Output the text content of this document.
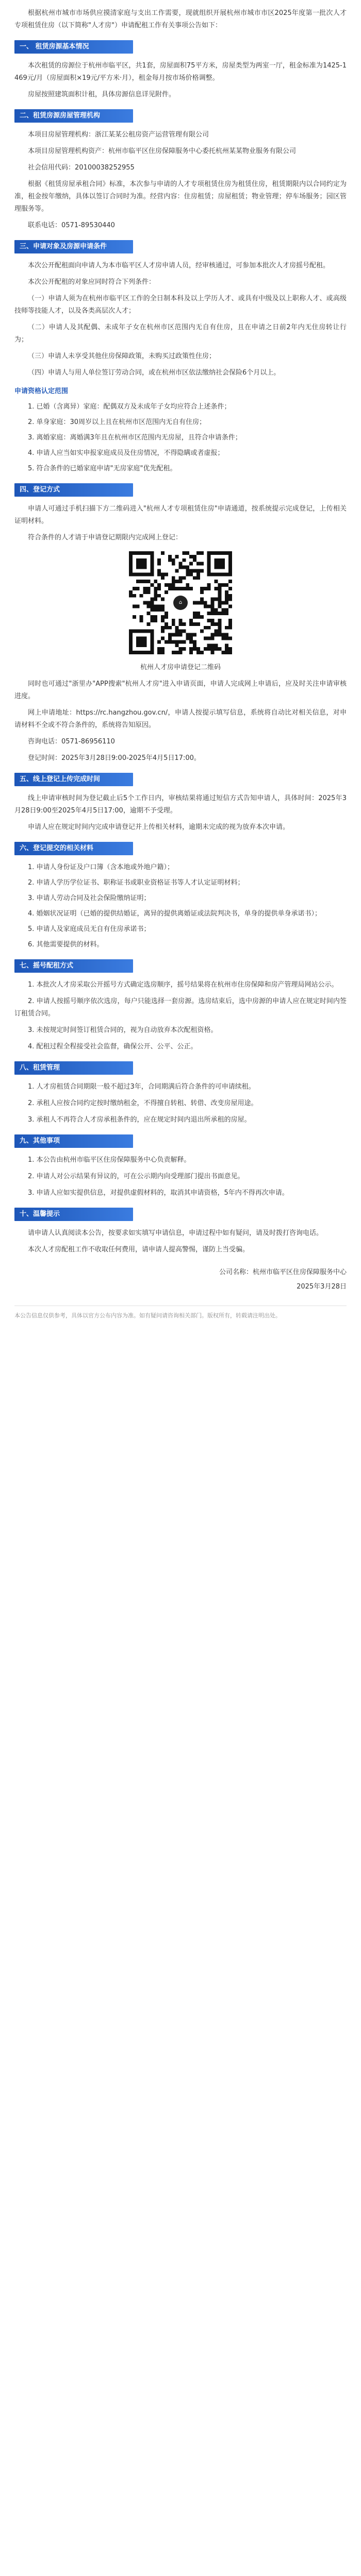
根据杭州市城市市场供应摸清家庭与支出工作需要，现就组织开展杭州市城市市区2025年度第一批次人才专项租赁住房（以下简称"人才房"）申请配租工作有关事项公告如下：

一、 租赁房源基本情况

本次租赁的房源位于杭州市临平区，共1套，房屋面积75平方米，房屋类型为两室一厅，租金标准为1425-1469元/月（房屋面积×19元/平方米·月），租金每月按市场价格调整。

房屋按照建筑面积计租，具体房源信息详见附件。

二、租赁房源房屋管理机构

本项目房屋管理机构：浙江某某公租房资产运营管理有限公司

本项目房屋管理机构资产：杭州市临平区住房保障服务中心委托杭州某某物业服务有限公司

社会信用代码：20100038252955

根据《租赁房屋承租合同》标准，本次参与申请的人才专项租赁住房为租赁住房，租赁期限内以合同约定为准，租金按年缴纳，具体以签订合同时为准。经营内容：住房租赁；房屋租赁；物业管理；停车场服务；园区管理服务等。

联系电话：0571-89530440

三、申请对象及房源申请条件

本次公开配租面向申请人为本市临平区人才房申请人员，经审核通过，可参加本批次人才房摇号配租。

本次公开配租的对象应同时符合下列条件：

（一）申请人须为在杭州市临平区工作的全日制本科及以上学历人才、或具有中级及以上职称人才、或高级技师等技能人才，以及各类高层次人才；

（二）申请人及其配偶、未成年子女在杭州市区范围内无自有住房，且在申请之日前2年内无住房转让行为；

（三）申请人未享受其他住房保障政策，未购买过政策性住房；

（四）申请人与用人单位签订劳动合同，或在杭州市区依法缴纳社会保险6个月以上。

申请资格认定范围

1. 已婚（含离异）家庭：配偶双方及未成年子女均应符合上述条件；

2. 单身家庭：30周岁以上且在杭州市区范围内无自有住房；

3. 离婚家庭：离婚满3年且在杭州市区范围内无房屋，且符合申请条件；

4. 申请人应当如实申报家庭成员及住房情况，不得隐瞒或者虚报；

5. 符合条件的已婚家庭申请"无房家庭"优先配租。

四、登记方式

申请人可通过手机扫描下方二维码进入"杭州人才专项租赁住房"申请通道，按系统提示完成登记，上传相关证明材料。

符合条件的人才请于申请登记期限内完成网上登记：

⌂

杭州人才房申请登记二维码

同时也可通过"浙里办"APP搜索"杭州人才房"进入申请页面，申请人完成网上申请后，应及时关注申请审核进度。

网上申请地址：https://rc.hangzhou.gov.cn/，申请人按提示填写信息，系统将自动比对相关信息，对申请材料不全或不符合条件的，系统将告知原因。

咨询电话：0571-86956110

登记时间：2025年3月28日9:00-2025年4月5日17:00。

五、线上登记上传完成时间

线上申请审核时间为登记截止后5个工作日内，审核结果将通过短信方式告知申请人，具体时间：2025年3月28日9:00至2025年4月5日17:00，逾期不予受理。

申请人应在规定时间内完成申请登记并上传相关材料，逾期未完成的视为放弃本次申请。

六、登记提交的相关材料

1. 申请人身份证及户口簿（含本地或外地户籍）；

2. 申请人学历学位证书、职称证书或职业资格证书等人才认定证明材料；

3. 申请人劳动合同及社会保险缴纳证明；

4. 婚姻状况证明（已婚的提供结婚证，离异的提供离婚证或法院判决书，单身的提供单身承诺书）；

5. 申请人及家庭成员无自有住房承诺书；

6. 其他需要提供的材料。

七、摇号配租方式

1. 本批次人才房采取公开摇号方式确定选房顺序，摇号结果将在杭州市住房保障和房产管理局网站公示。

2. 申请人按摇号顺序依次选房，每户只能选择一套房源。选房结束后，选中房源的申请人应在规定时间内签订租赁合同。

3. 未按规定时间签订租赁合同的，视为自动放弃本次配租资格。

4. 配租过程全程接受社会监督，确保公开、公平、公正。

八、租赁管理

1. 人才房租赁合同期限一般不超过3年，合同期满后符合条件的可申请续租。

2. 承租人应按合同约定按时缴纳租金，不得擅自转租、转借、改变房屋用途。

3. 承租人不再符合人才房承租条件的，应在规定时间内退出所承租的房屋。

九、其他事项

1. 本公告由杭州市临平区住房保障服务中心负责解释。

2. 申请人对公示结果有异议的，可在公示期内向受理部门提出书面意见。

3. 申请人应如实提供信息，对提供虚假材料的，取消其申请资格，5年内不得再次申请。

十、温馨提示

请申请人认真阅读本公告，按要求如实填写申请信息，申请过程中如有疑问，请及时拨打咨询电话。

本次人才房配租工作不收取任何费用，请申请人提高警惕，谨防上当受骗。

公司名称：杭州市临平区住房保障服务中心

2025年3月28日

本公告信息仅供参考，具体以官方公布内容为准。如有疑问请咨询相关部门。版权所有，转载请注明出处。
